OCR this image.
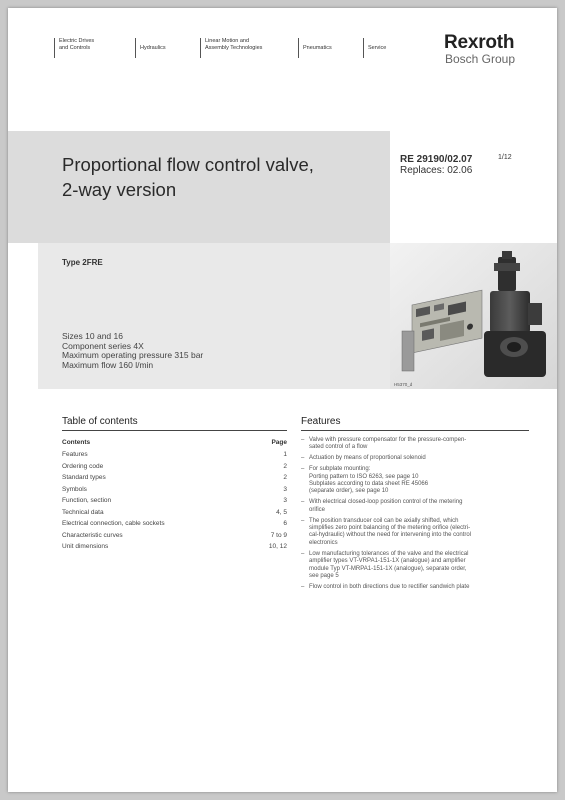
Electric Drives
and Controls	Hydraulics
Linear Motion and
Assembly Technologies	Pneumatics	Service	Rexroth
Bosch Group
Proportional flow control valve,
2-way version
RE 29190/02.07
Replaces: 02.06
1/12
Type 2FRE
Sizes 10 and 16
Component series 4X
Maximum operating pressure 315 bar
Maximum flow 160 l/min
H5370_d
Table of contents
Contents	Page
Features	1
Ordering code	2
Standard types	2
Symbols	3
Function, section	3
Technical data	4, 5
Electrical connection, cable sockets	6
Characteristic curves	7 to 9
Unit dimensions	10, 12
Features
– Valve with pressure compensator for the pressure-compen-
sated control of a flow
– Actuation by means of proportional solenoid
– For subplate mounting:
Porting pattern to ISO 6263, see page 10
Subplates according to data sheet RE 45066
(separate order), see page 10
– With electrical closed-loop position control of the metering
orifice
– The position transducer coil can be axially shifted, which
simplifies zero point balancing of the metering orifice (electri-
cal-hydraulic) without the need for intervening into the control
electronics
– Low manufacturing tolerances of the valve and the electrical
amplifier types VT-VRPA1-151-1X (analogue) and amplifier
module Typ VT-MRPA1-151-1X (analogue), separate order,
see page 5
– Flow control in both directions due to rectifier sandwich plate
